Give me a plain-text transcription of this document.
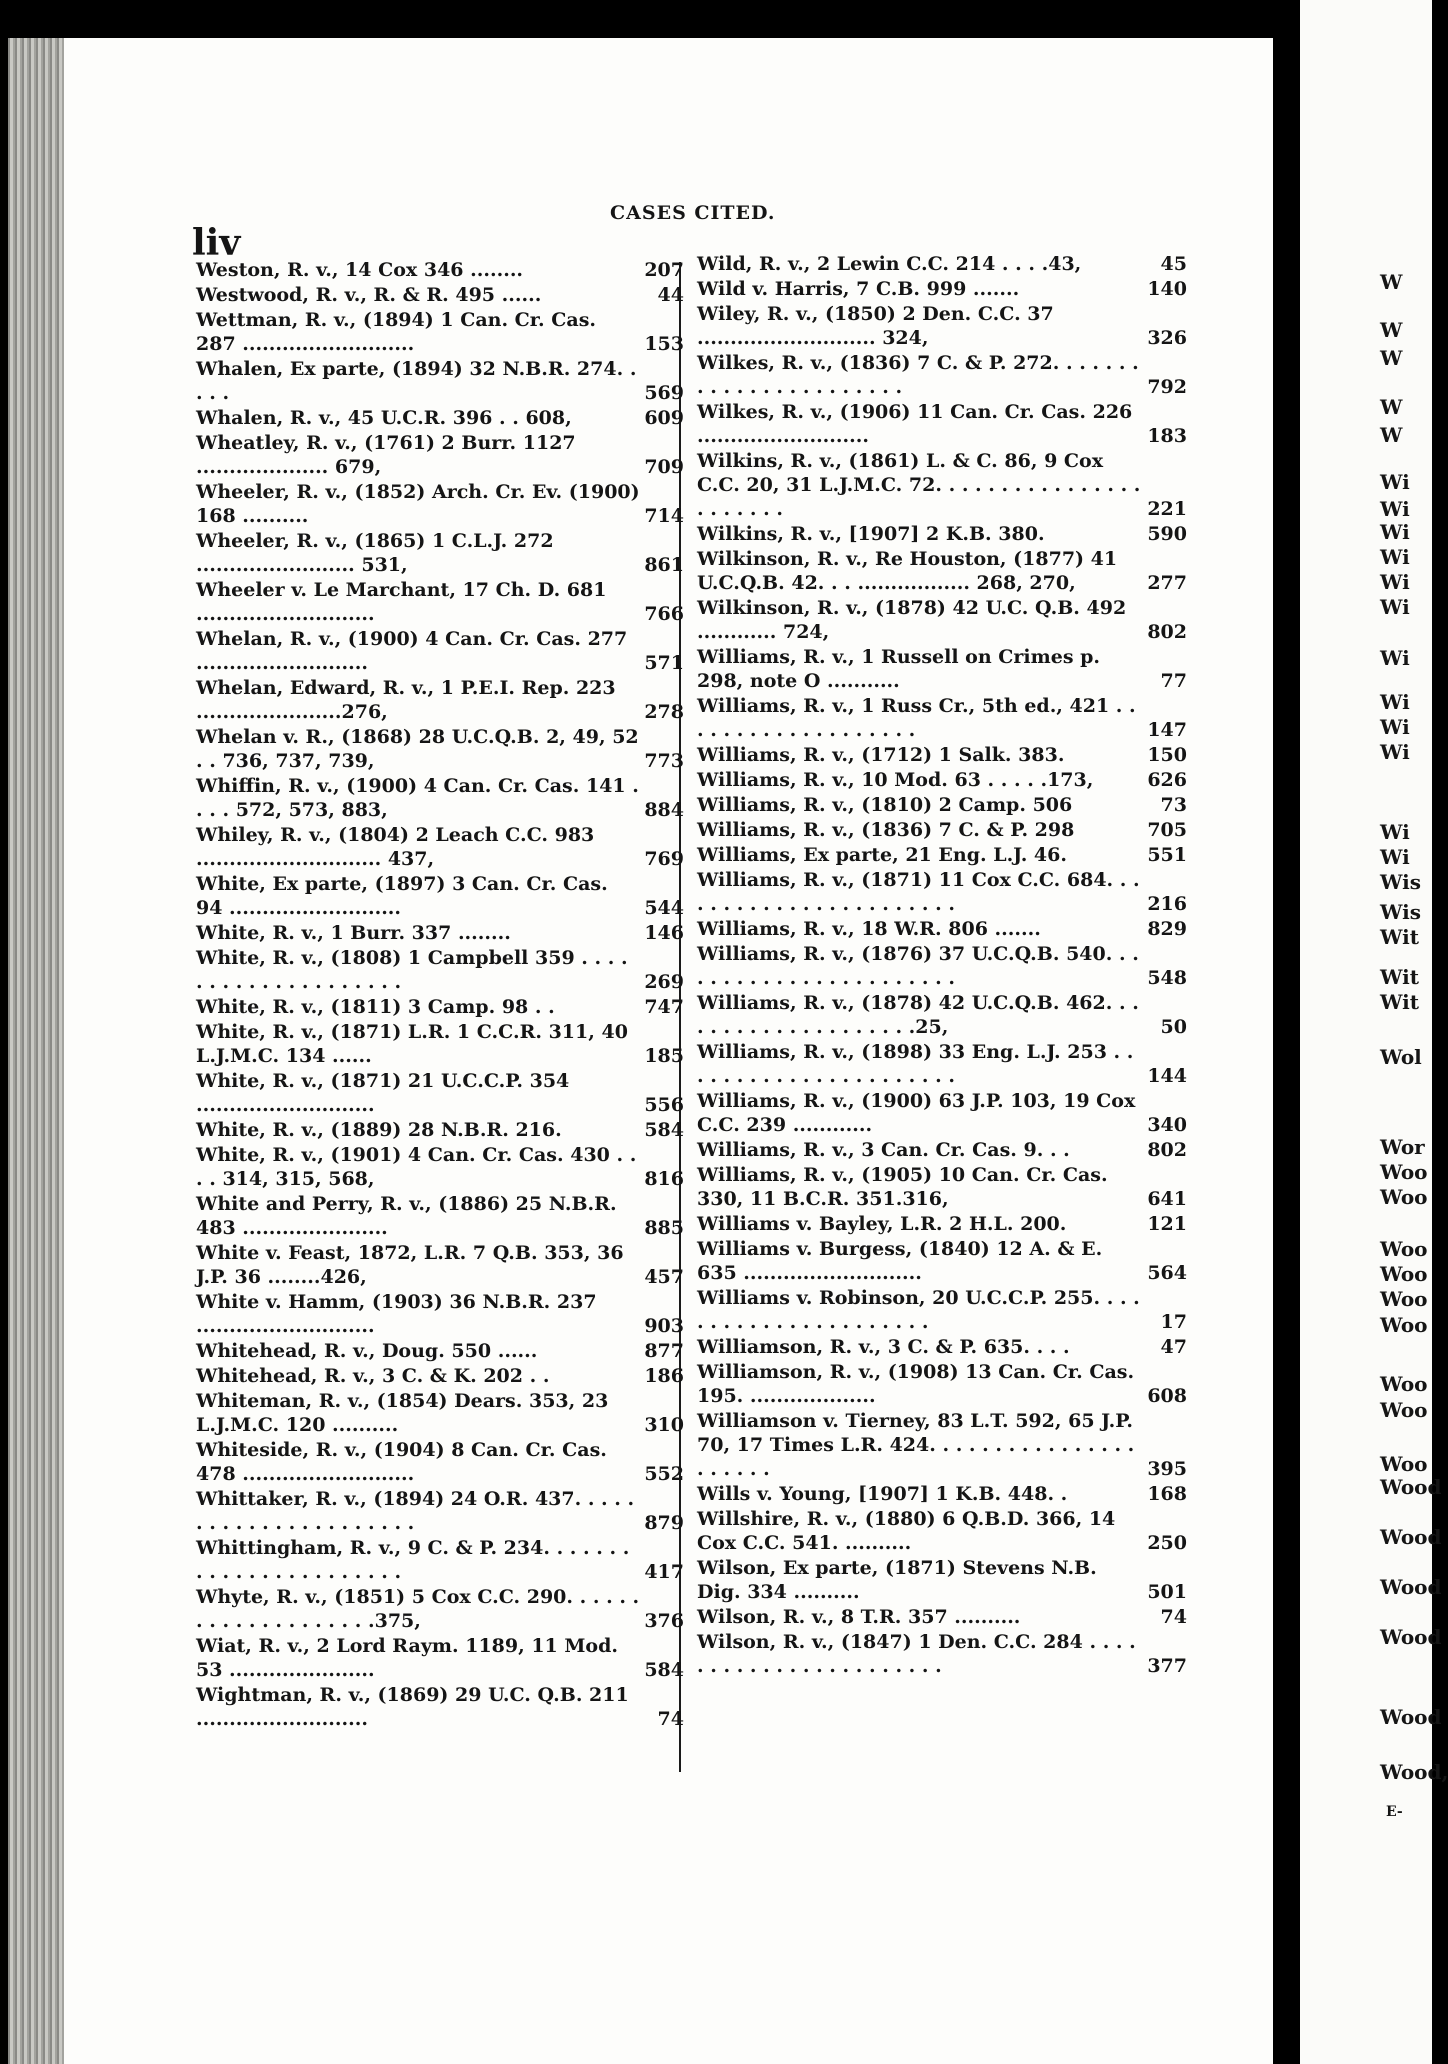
W
W
W
W
W
Wi
Wi
Wi
Wi
Wi
Wi
Wi
Wi
Wi
Wi
Wi
Wi
Wis
Wis
Wit
Wit
Wit
Wol
Wor
Woo
Woo
Woo
Woo
Woo
Woo
Woo
Woo
Woo
Wood
Wood
Wood
Wood
Wood
Wood,
E-
liv
CASES CITED.
Weston, R. v., 14 Cox 346 ........	207
Westwood, R. v., R. & R. 495 ......	44
Wettman, R. v., (1894) 1 Can. Cr. Cas. 287 ..........................	153
Whalen, Ex parte, (1894) 32 N.B.R. 274. . . . .	569
Whalen, R. v., 45 U.C.R. 396 . . 608,	609
Wheatley, R. v., (1761) 2 Burr. 1127 .................... 679,	709
Wheeler, R. v., (1852) Arch. Cr. Ev. (1900) 168 ..........	714
Wheeler, R. v., (1865) 1 C.L.J. 272 ........................ 531,	861
Wheeler v. Le Marchant, 17 Ch. D. 681 ...........................	766
Whelan, R. v., (1900) 4 Can. Cr. Cas. 277 ..........................	571
Whelan, Edward, R. v., 1 P.E.I. Rep. 223 ......................276,	278
Whelan v. R., (1868) 28 U.C.Q.B. 2, 49, 52 . . 736, 737, 739,	773
Whiffin, R. v., (1900) 4 Can. Cr. Cas. 141 . . . . 572, 573, 883,	884
Whiley, R. v., (1804) 2 Leach C.C. 983 ............................ 437,	769
White, Ex parte, (1897) 3 Can. Cr. Cas. 94 ..........................	544
White, R. v., 1 Burr. 337 ........	146
White, R. v., (1808) 1 Campbell 359 . . . . . . . . . . . . . . . . . . . .	269
White, R. v., (1811) 3 Camp. 98 . .	747
White, R. v., (1871) L.R. 1 C.C.R. 311, 40 L.J.M.C. 134 ......	185
White, R. v., (1871) 21 U.C.C.P. 354 ...........................	556
White, R. v., (1889) 28 N.B.R. 216.	584
White, R. v., (1901) 4 Can. Cr. Cas. 430 . . . . 314, 315, 568,	816
White and Perry, R. v., (1886) 25 N.B.R. 483 ......................	885
White v. Feast, 1872, L.R. 7 Q.B. 353, 36 J.P. 36 ........426,	457
White v. Hamm, (1903) 36 N.B.R. 237 ...........................	903
Whitehead, R. v., Doug. 550 ......	877
Whitehead, R. v., 3 C. & K. 202 . .	186
Whiteman, R. v., (1854) Dears. 353, 23 L.J.M.C. 120 ..........	310
Whiteside, R. v., (1904) 8 Can. Cr. Cas. 478 ..........................	552
Whittaker, R. v., (1894) 24 O.R. 437. . . . . . . . . . . . . . . . . . . . . .	879
Whittingham, R. v., 9 C. & P. 234. . . . . . . . . . . . . . . . . . . . . . .	417
Whyte, R. v., (1851) 5 Cox C.C. 290. . . . . . . . . . . . . . . . . . . .375,	376
Wiat, R. v., 2 Lord Raym. 1189, 11 Mod. 53 ......................	584
Wightman, R. v., (1869) 29 U.C. Q.B. 211 ..........................	74
Wild, R. v., 2 Lewin C.C. 214 . . . .43,	45
Wild v. Harris, 7 C.B. 999 .......	140
Wiley, R. v., (1850) 2 Den. C.C. 37 ........................... 324,	326
Wilkes, R. v., (1836) 7 C. & P. 272. . . . . . . . . . . . . . . . . . . . . . .	792
Wilkes, R. v., (1906) 11 Can. Cr. Cas. 226 ..........................	183
Wilkins, R. v., (1861) L. & C. 86, 9 Cox C.C. 20, 31 L.J.M.C. 72. . . . . . . . . . . . . . . . . . . . . . .	221
Wilkins, R. v., [1907] 2 K.B. 380.	590
Wilkinson, R. v., Re Houston, (1877) 41 U.C.Q.B. 42. . . ................. 268, 270,	277
Wilkinson, R. v., (1878) 42 U.C. Q.B. 492 ............ 724,	802
Williams, R. v., 1 Russell on Crimes p. 298, note O ...........	77
Williams, R. v., 1 Russ Cr., 5th ed., 421 . . . . . . . . . . . . . . . . . . .	147
Williams, R. v., (1712) 1 Salk. 383.	150
Williams, R. v., 10 Mod. 63 . . . . .173,	626
Williams, R. v., (1810) 2 Camp. 506	73
Williams, R. v., (1836) 7 C. & P. 298	705
Williams, Ex parte, 21 Eng. L.J. 46.	551
Williams, R. v., (1871) 11 Cox C.C. 684. . . . . . . . . . . . . . . . . . . . . . .	216
Williams, R. v., 18 W.R. 806 .......	829
Williams, R. v., (1876) 37 U.C.Q.B. 540. . . . . . . . . . . . . . . . . . . . . . .	548
Williams, R. v., (1878) 42 U.C.Q.B. 462. . . . . . . . . . . . . . . . . . . .25,	50
Williams, R. v., (1898) 33 Eng. L.J. 253 . . . . . . . . . . . . . . . . . . . . . .	144
Williams, R. v., (1900) 63 J.P. 103, 19 Cox C.C. 239 ............	340
Williams, R. v., 3 Can. Cr. Cas. 9. . .	802
Williams, R. v., (1905) 10 Can. Cr. Cas. 330, 11 B.C.R. 351.316,	641
Williams v. Bayley, L.R. 2 H.L. 200.	121
Williams v. Burgess, (1840) 12 A. & E. 635 ...........................	564
Williams v. Robinson, 20 U.C.C.P. 255. . . . . . . . . . . . . . . . . . . . . .	17
Williamson, R. v., 3 C. & P. 635. . . .	47
Williamson, R. v., (1908) 13 Can. Cr. Cas. 195. ...................	608
Williamson v. Tierney, 83 L.T. 592, 65 J.P. 70, 17 Times L.R. 424. . . . . . . . . . . . . . . . . . . . . .	395
Wills v. Young, [1907] 1 K.B. 448. .	168
Willshire, R. v., (1880) 6 Q.B.D. 366, 14 Cox C.C. 541. ..........	250
Wilson, Ex parte, (1871) Stevens N.B. Dig. 334 ..........	501
Wilson, R. v., 8 T.R. 357 ..........	74
Wilson, R. v., (1847) 1 Den. C.C. 284 . . . . . . . . . . . . . . . . . . . . . . .	377
